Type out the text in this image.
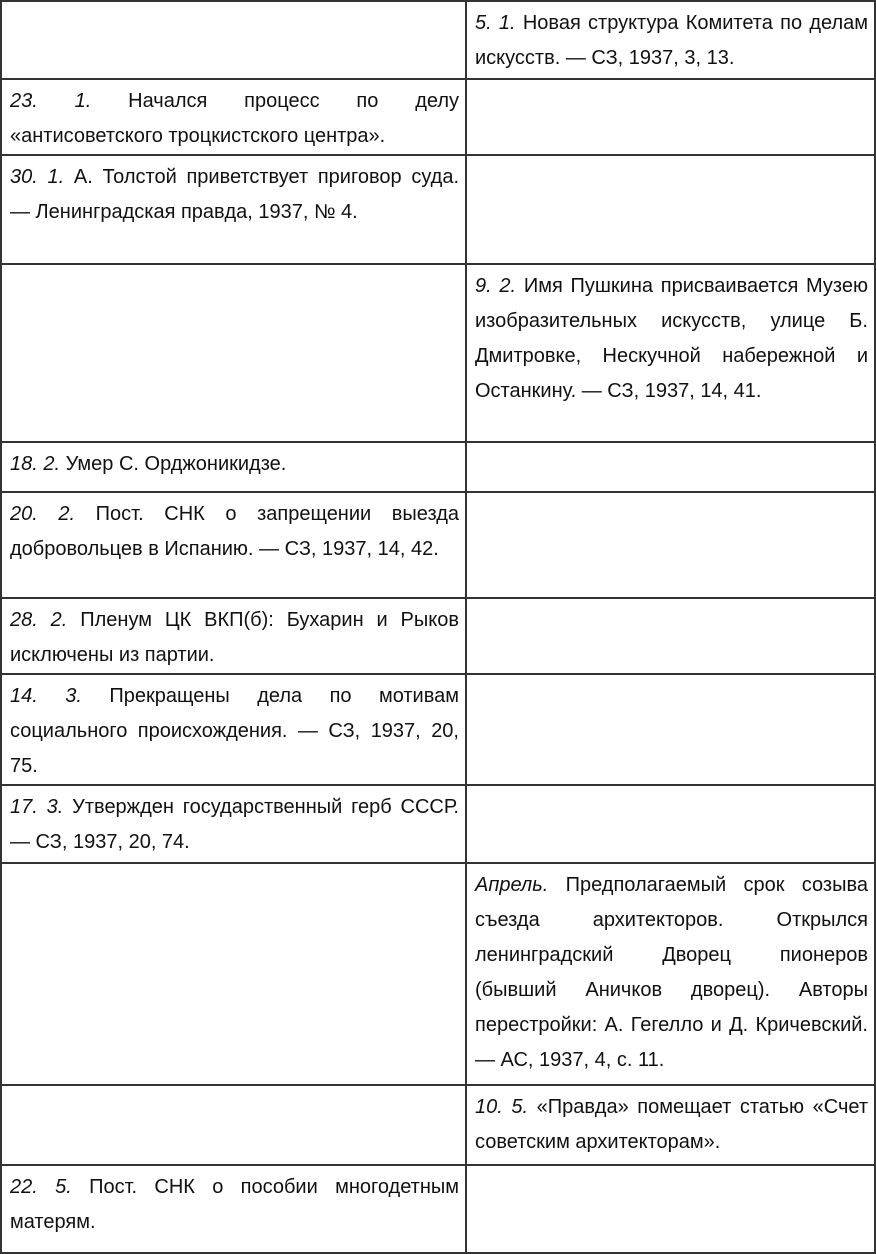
	5. 1. Новая структура Комитета по делам искусств. — СЗ, 1937, 3, 13.
23. 1. Начался процесс по делу «антисоветского троцкистского центра».	
30. 1. А. Толстой приветствует приговор суда. — Ленинградская правда, 1937, № 4.	
	9. 2. Имя Пушкина присваивается Музею изобразительных искусств, улице Б. Дмитровке, Нескучной набережной и Останкину. — СЗ, 1937, 14, 41.
18. 2. Умер С. Орджоникидзе.	
20. 2. Пост. СНК о запрещении выезда добровольцев в Испанию. — СЗ, 1937, 14, 42.	
28. 2. Пленум ЦК ВКП(б): Бухарин и Рыков исключены из партии.	
14. 3. Прекращены дела по мотивам социального происхождения. — СЗ, 1937, 20, 75.	
17. 3. Утвержден государственный герб СССР. — СЗ, 1937, 20, 74.	
	Апрель. Предполагаемый срок созыва съезда архитекторов. Открылся ленинградский Дворец пионеров (бывший Аничков дворец). Авторы перестройки: А. Гегелло и Д. Кричевский. — АС, 1937, 4, с. 11.
	10. 5. «Правда» помещает статью «Счет советским архитекторам».
22. 5. Пост. СНК о пособии многодетным матерям.	
